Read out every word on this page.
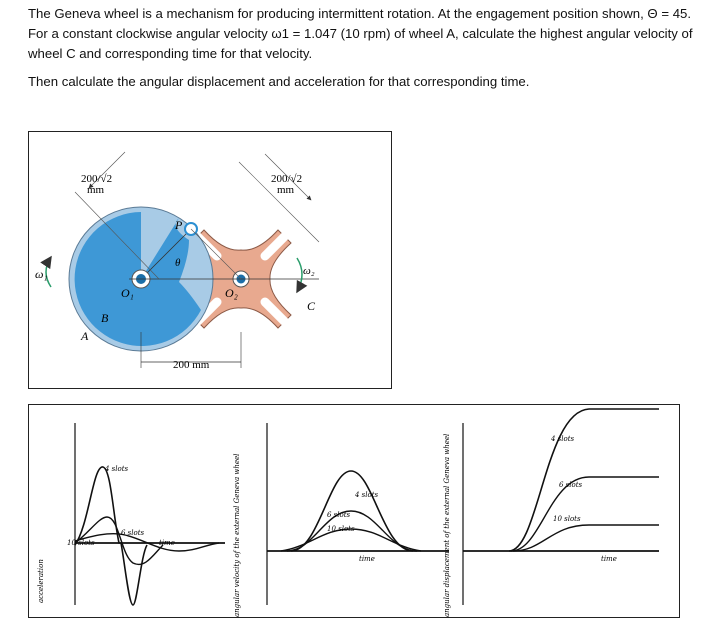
The Geneva wheel is a mechanism for producing intermittent rotation. At the engagement position shown, Θ = 45. For a constant clockwise angular velocity ω1 = 1.047 (10 rpm) of wheel A, calculate the highest angular velocity of wheel C and corresponding time for that velocity.

Then calculate the angular displacement and acceleration for that corresponding time.

200/√2
mm
200/√2
mm
200 mm
ω₁	ω₂
O₁	O₂
P
θ
A
B
C
acceleration
time
4 slots
6 slots
10 slots	angular velocity of the external Geneva wheel	time
4 slots
6 slots
10 slots	angular displacement of the external Geneva wheel	time
4 slots
6 slots
10 slots
